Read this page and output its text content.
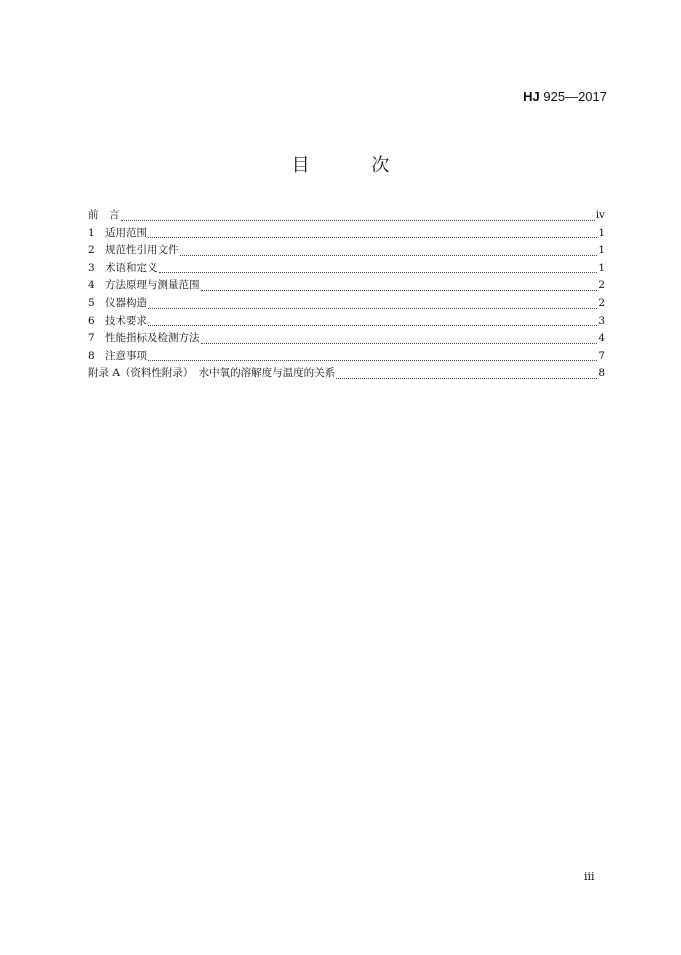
HJ 925—2017
目 次
前　言	iv
1 适用范围	1
2 规范性引用文件	1
3 术语和定义	1
4 方法原理与测量范围	2
5 仪器构造	2
6 技术要求	3
7 性能指标及检测方法	4
8 注意事项	7
附录 A（资料性附录）　水中氧的溶解度与温度的关系	8
iii
